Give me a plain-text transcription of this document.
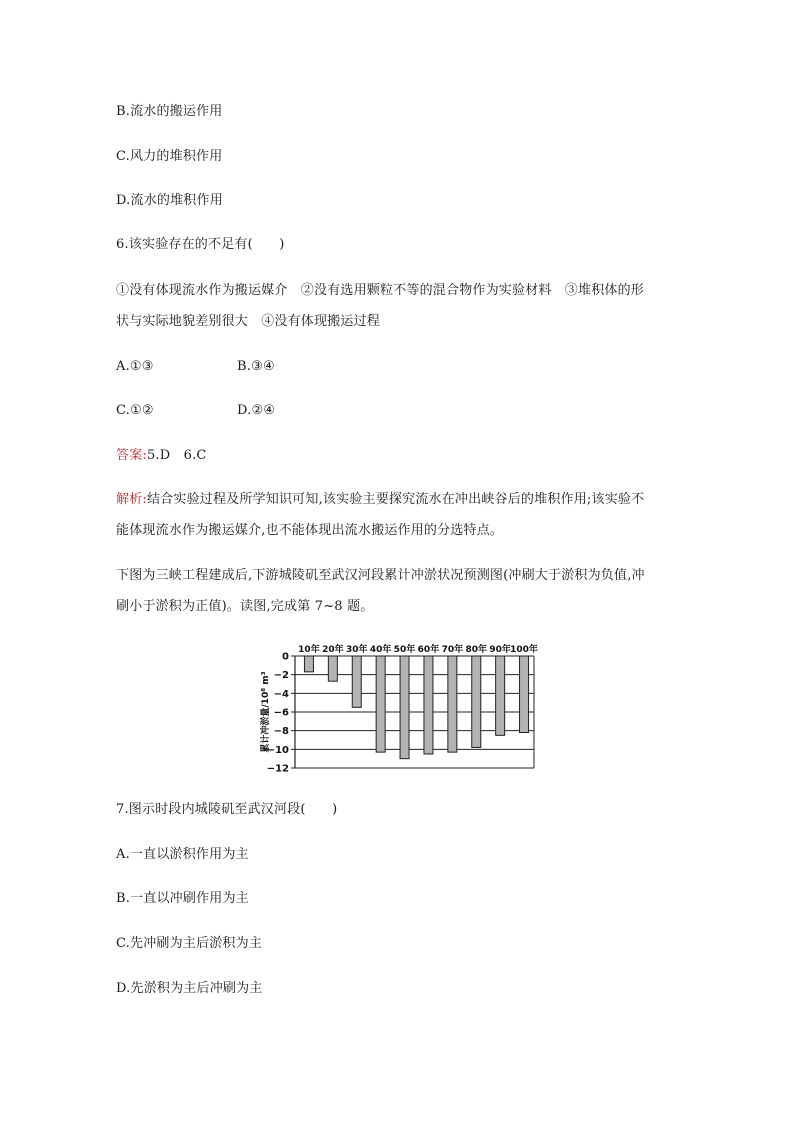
B.流水的搬运作用
C.风力的堆积作用
D.流水的堆积作用
6.该实验存在的不足有(　　)
①没有体现流水作为搬运媒介　②没有选用颗粒不等的混合物作为实验材料　③堆积体的形
状与实际地貌差别很大　④没有体现搬运过程
A.①③	B.③④
C.①②	D.②④
答案:5.D　6.C
解析:结合实验过程及所学知识可知,该实验主要探究流水在冲出峡谷后的堆积作用;该实验不
能体现流水作为搬运媒介,也不能体现出流水搬运作用的分选特点。
下图为三峡工程建成后,下游城陵矶至武汉河段累计冲淤状况预测图(冲刷大于淤积为负值,冲
刷小于淤积为正值)。读图,完成第 7~8 题。
0
−2
−4
−6
−8
−10
−12
10年 20年 30年 40年 50年 60年 70年 80年 90年 100年
累计冲淤量/10⁸ m³
7.图示时段内城陵矶至武汉河段(　　)
A.一直以淤积作用为主
B.一直以冲刷作用为主
C.先冲刷为主后淤积为主
D.先淤积为主后冲刷为主
